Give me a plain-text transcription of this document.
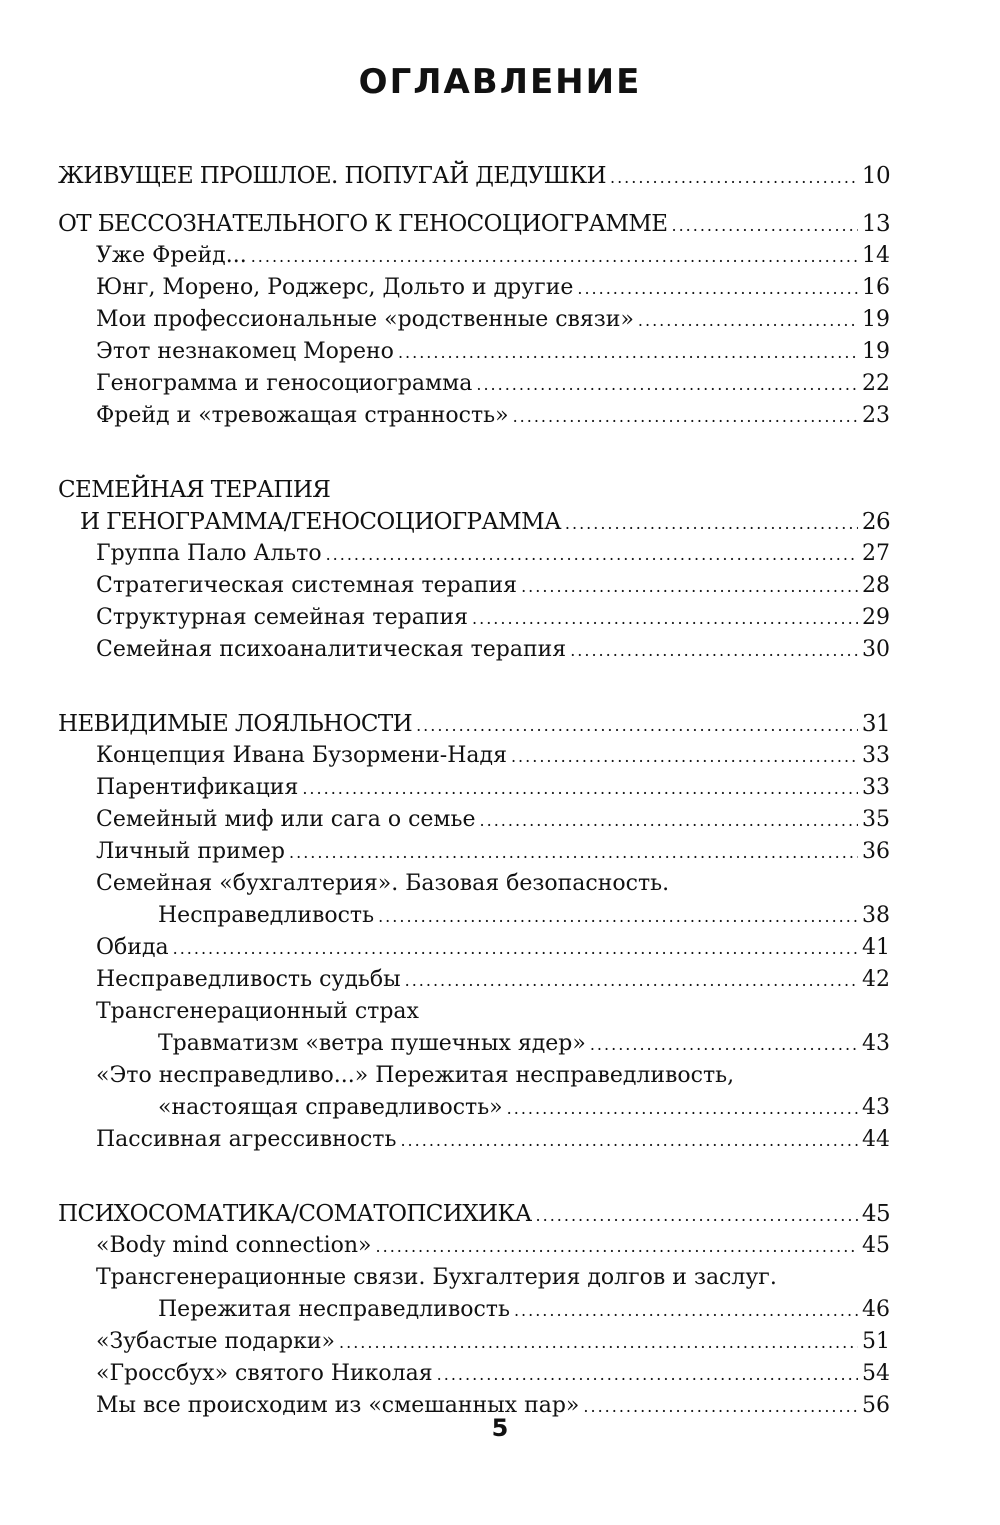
ОГЛАВЛЕНИЕ
ЖИВУЩЕЕ ПРОШЛОЕ. ПОПУГАЙ ДЕДУШКИ .....	10
ОТ БЕССОЗНАТЕЛЬНОГО К ГЕНОСОЦИОГРАММЕ .....	13
Уже Фрейд... .....	14
Юнг, Морено, Роджерс, Дольто и другие .....	16
Мои профессиональные «родственные связи» .....	19
Этот незнакомец Морено .....	19
Генограмма и геносоциограмма .....	22
Фрейд и «тревожащая странность» .....	23
СЕМЕЙНАЯ ТЕРАПИЯ
И ГЕНОГРАММА/ГЕНОСОЦИОГРАММА .....	26
Группа Пало Альто .....	27
Стратегическая системная терапия .....	28
Структурная семейная терапия .....	29
Семейная психоаналитическая терапия .....	30
НЕВИДИМЫЕ ЛОЯЛЬНОСТИ .....	31
Концепция Ивана Бузормени-Надя .....	33
Парентификация .....	33
Семейный миф или сага о семье .....	35
Личный пример .....	36
Семейная «бухгалтерия». Базовая безопасность.
Несправедливость .....	38
Обида .....	41
Несправедливость судьбы .....	42
Трансгенерационный страх
Травматизм «ветра пушечных ядер» .....	43
«Это несправедливо...» Пережитая несправедливость,
«настоящая справедливость» .....	43
Пассивная агрессивность .....	44
ПСИХОСОМАТИКА/СОМАТОПСИХИКА .....	45
«Body mind connection» .....	45
Трансгенерационные связи. Бухгалтерия долгов и заслуг.
Пережитая несправедливость .....	46
«Зубастые подарки» .....	51
«Гроссбух» святого Николая .....	54
Мы все происходим из «смешанных пар» .....	56
5
